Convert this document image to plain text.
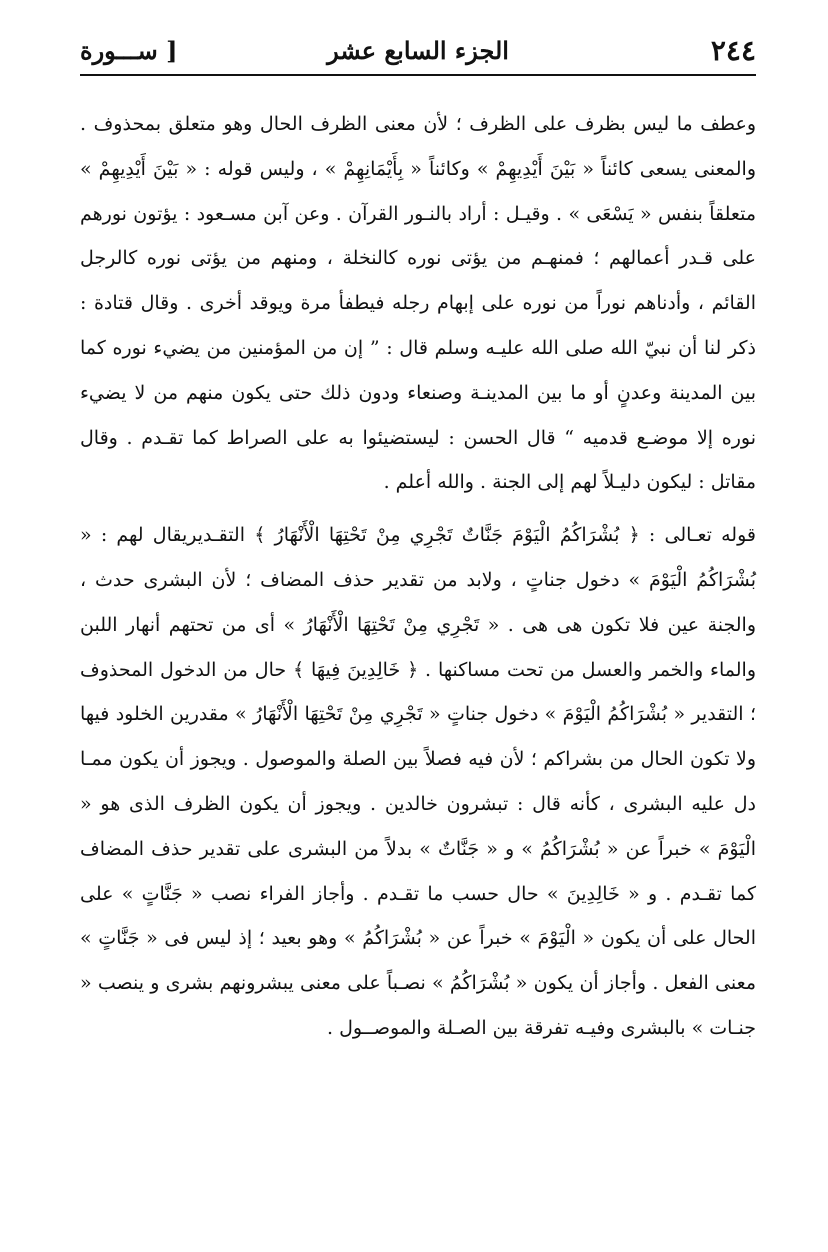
٢٤٤
الجزء السابع عشر
[ ســـورة

وعطف ما ليس بظرف على الظرف ؛ لأن معنى الظرف الحال وهو متعلق بمحذوف . والمعنى يسعى كائناً « بَيْنَ أَيْدِيهِمْ » وكائناً « بِأَيْمَانِهِمْ » ، وليس قوله : « بَيْنَ أَيْدِيهِمْ » متعلقاً بنفس « يَسْعَى » . وقيـل : أراد بالنـور القرآن . وعن آبن مسـعود : يؤتون نورهم على قـدر أعمالهم ؛ فمنهـم من يؤتى نوره كالنخلة ، ومنهم من يؤتى نوره كالرجل القائم ، وأدناهم نوراً من نوره على إبهام رجله فيطفأ مرة ويوقد أخرى . وقال قتادة : ذكر لنا أن نبيّ الله صلى الله عليـه وسلم قال : ” إن من المؤمنين من يضيء نوره كما بين المدينة وعدنٍ أو ما بين المدينـة وصنعاء ودون ذلك حتى يكون منهم من لا يضيء نوره إلا موضـع قدميه “ قال الحسن : ليستضيئوا به على الصراط كما تقـدم . وقال مقاتل : ليكون دليـلاً لهم إلى الجنة . والله أعلم .

قوله تعـالى : ﴿ بُشْرَاكُمُ الْيَوْمَ جَنَّاتٌ تَجْرِي مِنْ تَحْتِهَا الْأَنْهَارُ ﴾ التقـديريقال لهم : « بُشْرَاكُمُ الْيَوْمَ » دخول جناتٍ ، ولابد من تقدير حذف المضاف ؛ لأن البشرى حدث ، والجنة عين فلا تكون هى هى . « تَجْرِي مِنْ تَحْتِهَا الْأَنْهَارُ » أى من تحتهم أنهار اللبن والماء والخمر والعسل من تحت مساكنها . ﴿ خَالِدِينَ فِيهَا ﴾ حال من الدخول المحذوف ؛ التقدير « بُشْرَاكُمُ الْيَوْمَ » دخول جناتٍ « تَجْرِي مِنْ تَحْتِهَا الْأَنْهَارُ » مقدرين الخلود فيها ولا تكون الحال من بشراكم ؛ لأن فيه فصلاً بين الصلة والموصول . ويجوز أن يكون ممـا دل عليه البشرى ، كأنه قال : تبشرون خالدين . ويجوز أن يكون الظرف الذى هو « الْيَوْمَ » خبراً عن « بُشْرَاكُمُ » و « جَنَّاتٌ » بدلاً من البشرى على تقدير حذف المضاف كما تقـدم . و « خَالِدِينَ » حال حسب ما تقـدم . وأجاز الفراء نصب « جَنَّاتٍ » على الحال على أن يكون « الْيَوْمَ » خبراً عن « بُشْرَاكُمُ » وهو بعيد ؛ إذ ليس فى « جَنَّاتٍ » معنى الفعل . وأجاز أن يكون « بُشْرَاكُمُ » نصـباً على معنى يبشرونهم بشرى و ينصب « جنـات » بالبشرى وفيـه تفرقة بين الصـلة والموصــول .
